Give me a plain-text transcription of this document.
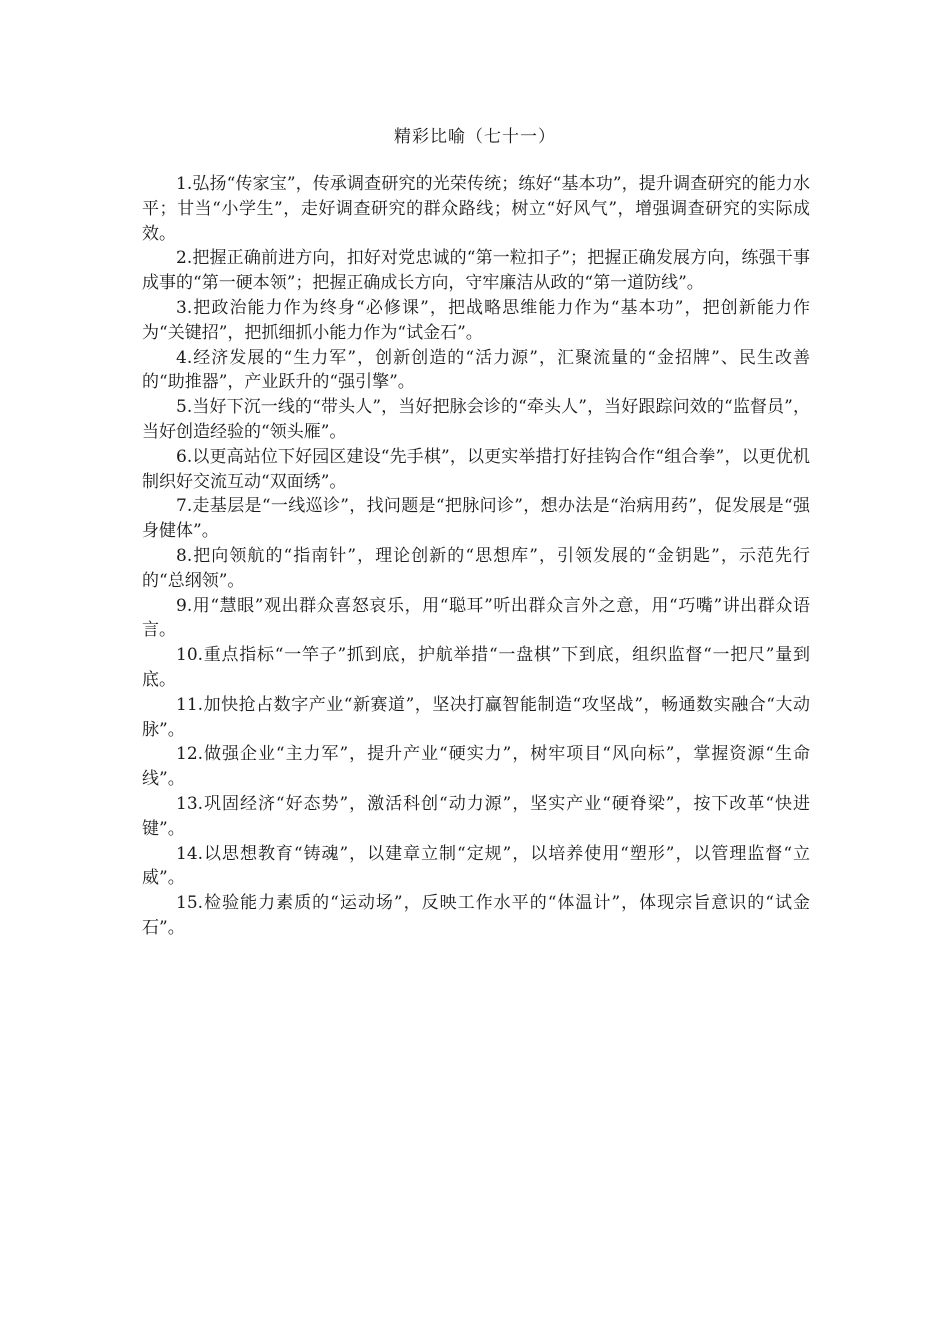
精彩比喻（七十一）

1.弘扬“传家宝”，传承调查研究的光荣传统；练好“基本功”，提升调查研究的能力水平；甘当“小学生”，走好调查研究的群众路线；树立“好风气”，增强调查研究的实际成效。

2.把握正确前进方向，扣好对党忠诚的“第一粒扣子”；把握正确发展方向，练强干事成事的“第一硬本领”；把握正确成长方向，守牢廉洁从政的“第一道防线”。

3.把政治能力作为终身“必修课”，把战略思维能力作为“基本功”，把创新能力作为“关键招”，把抓细抓小能力作为“试金石”。

4.经济发展的“生力军”，创新创造的“活力源”，汇聚流量的“金招牌”、民生改善的“助推器”，产业跃升的“强引擎”。

5.当好下沉一线的“带头人”，当好把脉会诊的“牵头人”，当好跟踪问效的“监督员”，当好创造经验的“领头雁”。

6.以更高站位下好园区建设“先手棋”，以更实举措打好挂钩合作“组合拳”，以更优机制织好交流互动“双面绣”。

7.走基层是“一线巡诊”，找问题是“把脉问诊”，想办法是“治病用药”，促发展是“强身健体”。

8.把向领航的“指南针”，理论创新的“思想库”，引领发展的“金钥匙”，示范先行的“总纲领”。

9.用“慧眼”观出群众喜怒哀乐，用“聪耳”听出群众言外之意，用“巧嘴”讲出群众语言。

10.重点指标“一竿子”抓到底，护航举措“一盘棋”下到底，组织监督“一把尺”量到底。

11.加快抢占数字产业“新赛道”，坚决打赢智能制造“攻坚战”，畅通数实融合“大动脉”。

12.做强企业“主力军”，提升产业“硬实力”，树牢项目“风向标”，掌握资源“生命线”。

13.巩固经济“好态势”，激活科创“动力源”，坚实产业“硬脊梁”，按下改革“快进键”。

14.以思想教育“铸魂”，以建章立制“定规”，以培养使用“塑形”，以管理监督“立威”。

15.检验能力素质的“运动场”，反映工作水平的“体温计”，体现宗旨意识的“试金石”。
